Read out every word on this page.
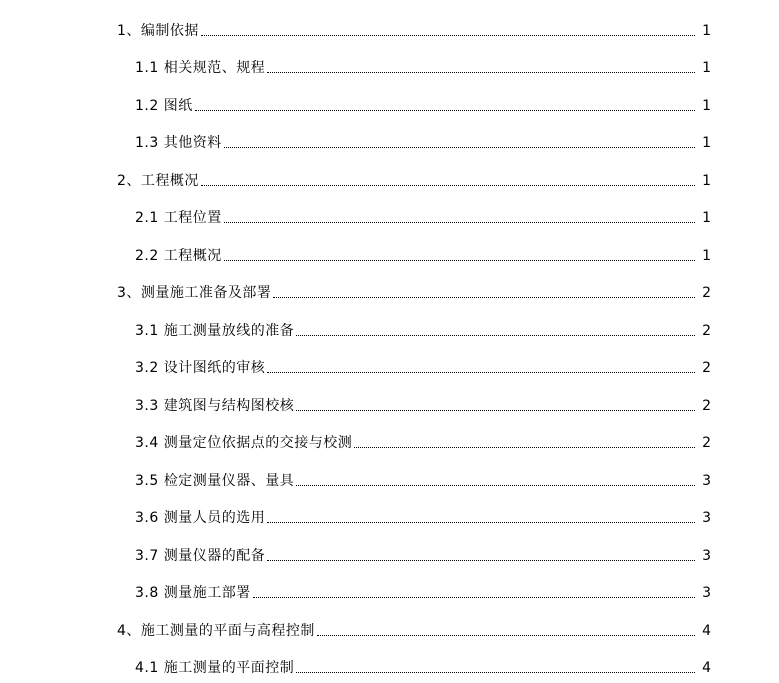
1、编制依据	1
1.1 相关规范、规程	1
1.2 图纸	1
1.3 其他资料	1
2、工程概况	1
2.1 工程位置	1
2.2 工程概况	1
3、测量施工准备及部署	2
3.1 施工测量放线的准备	2
3.2 设计图纸的审核	2
3.3 建筑图与结构图校核	2
3.4 测量定位依据点的交接与校测	2
3.5 检定测量仪器、量具	3
3.6 测量人员的选用	3
3.7 测量仪器的配备	3
3.8 测量施工部署	3
4、施工测量的平面与高程控制	4
4.1 施工测量的平面控制	4
